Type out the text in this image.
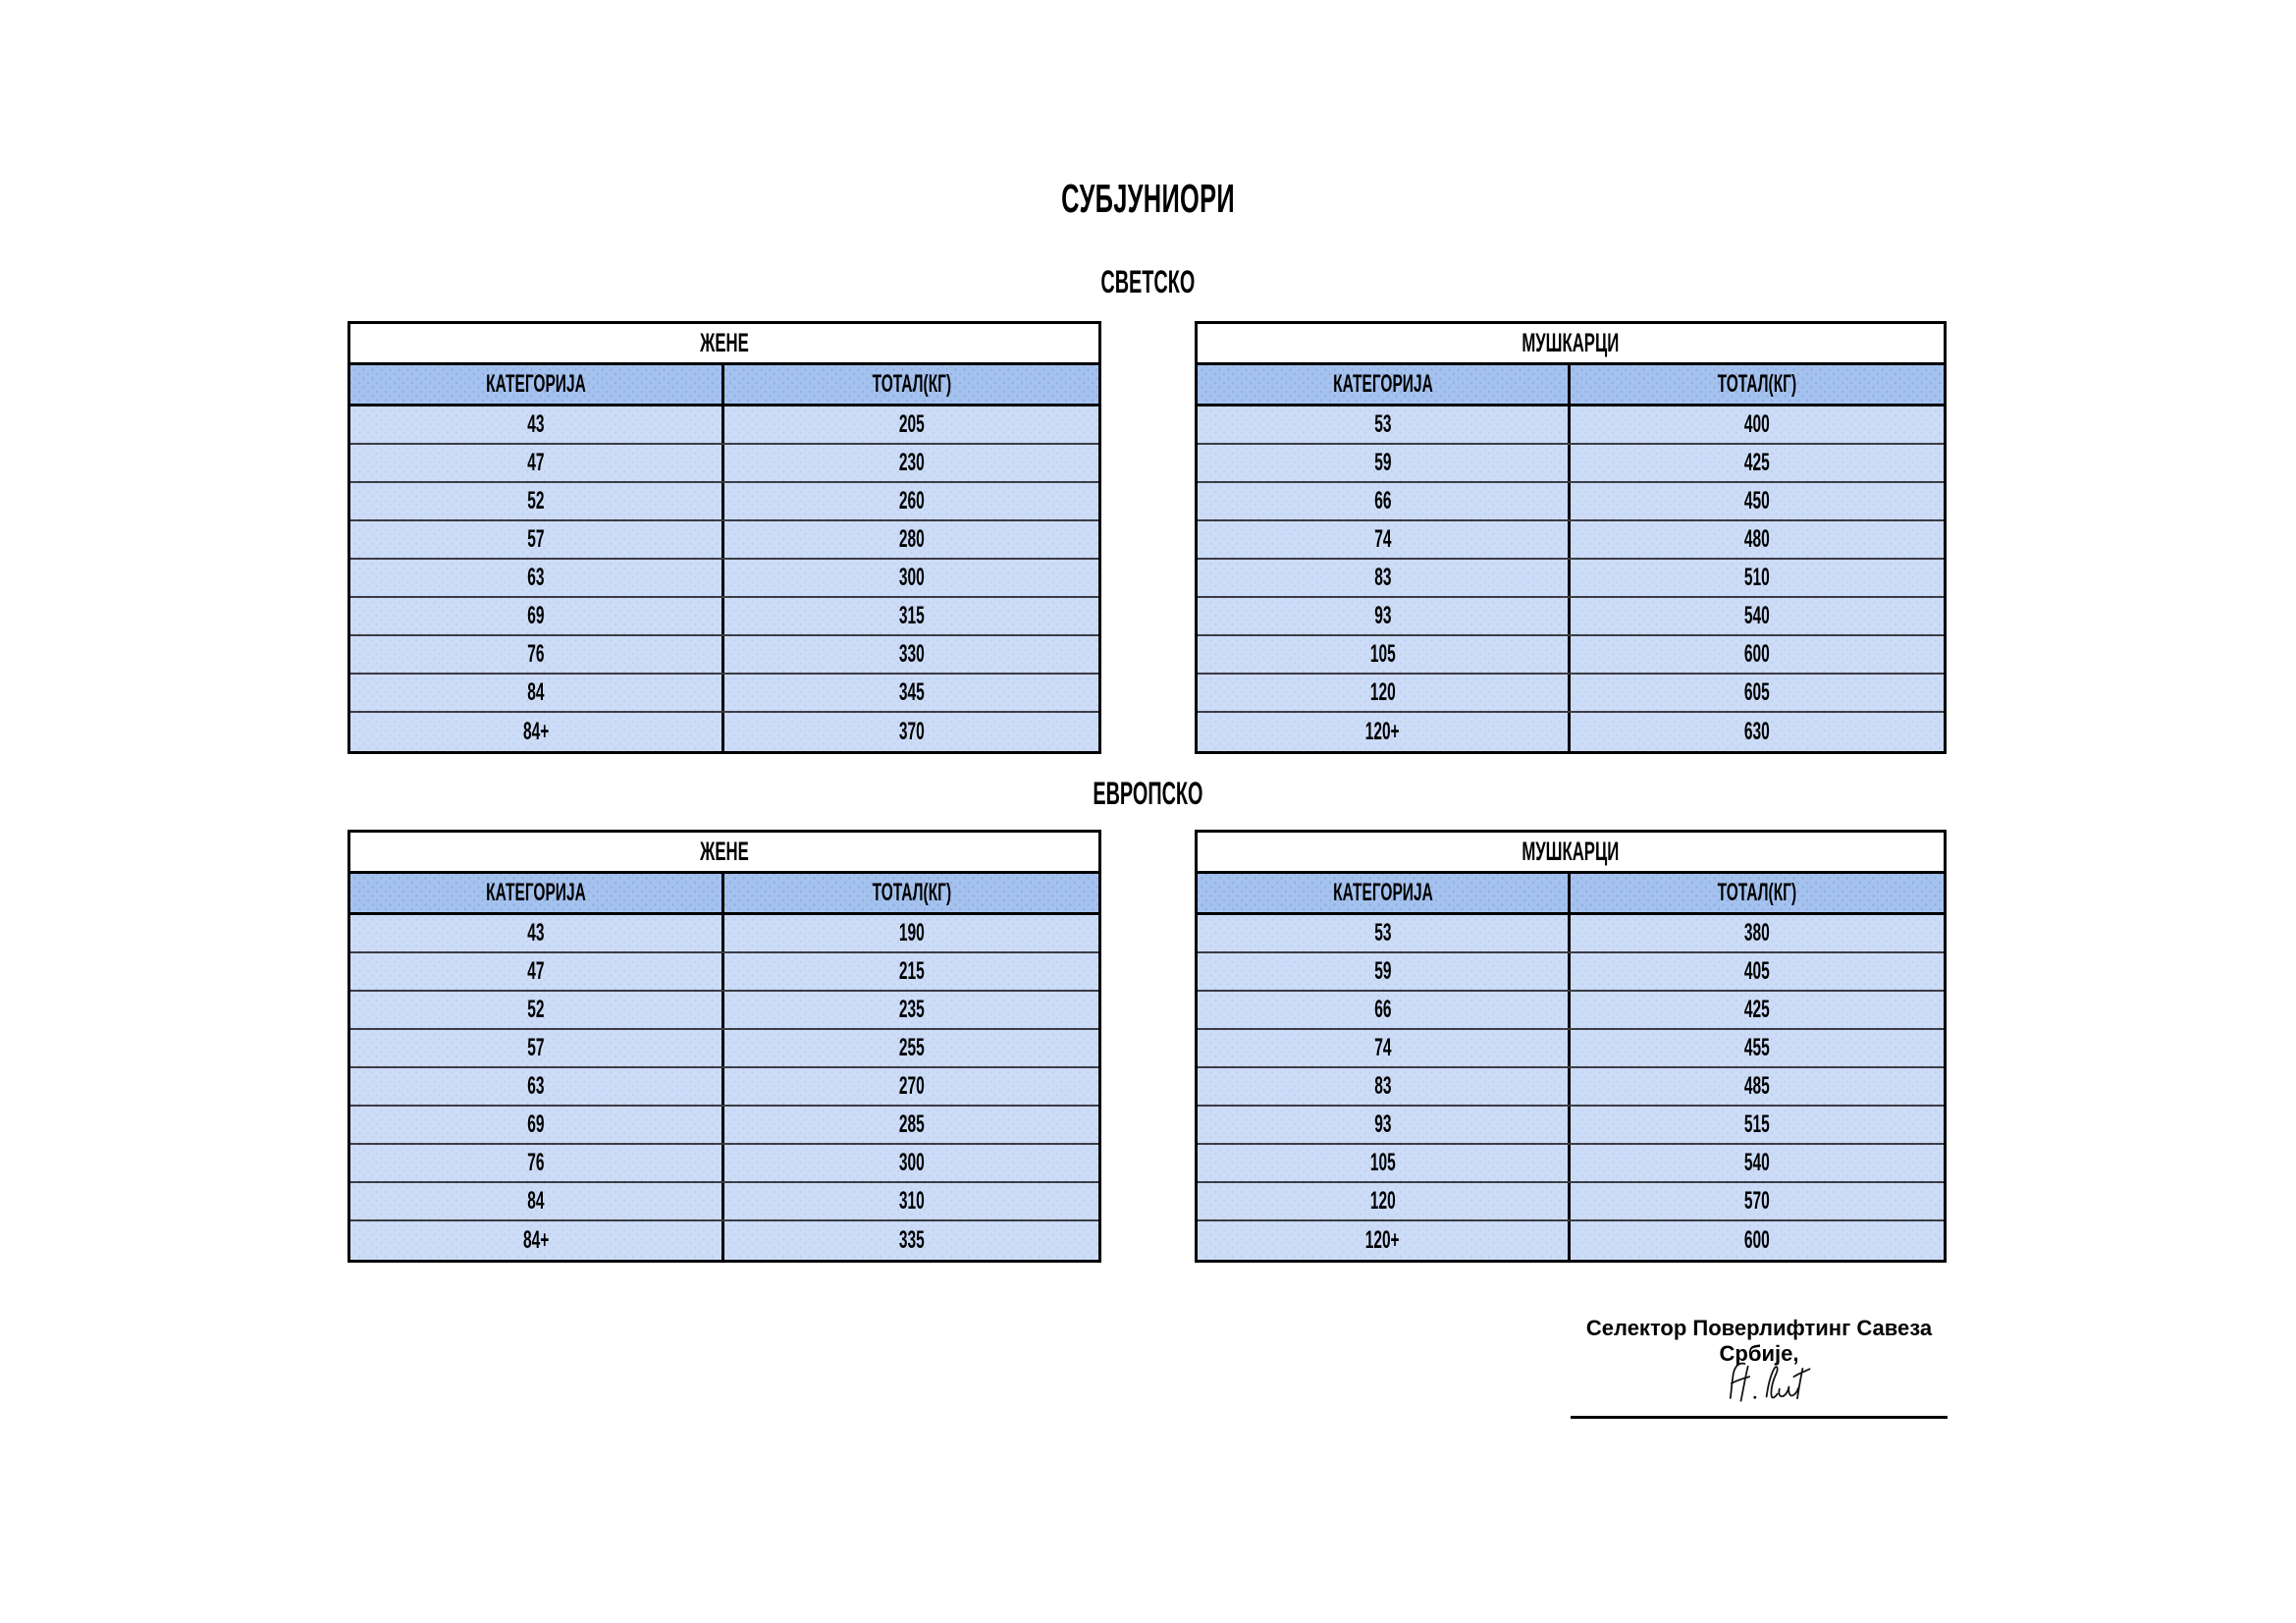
СУБЈУНИОРИ
СВЕТСКО
ЖЕНЕ
КАТЕГОРИЈА	ТОТАЛ(КГ)
43	205
47	230
52	260
57	280
63	300
69	315
76	330
84	345
84+	370
МУШКАРЦИ
КАТЕГОРИЈА	ТОТАЛ(КГ)
53	400
59	425
66	450
74	480
83	510
93	540
105	600
120	605
120+	630
ЕВРОПСКО
ЖЕНЕ
КАТЕГОРИЈА	ТОТАЛ(КГ)
43	190
47	215
52	235
57	255
63	270
69	285
76	300
84	310
84+	335
МУШКАРЦИ
КАТЕГОРИЈА	ТОТАЛ(КГ)
53	380
59	405
66	425
74	455
83	485
93	515
105	540
120	570
120+	600
Селектор Поверлифтинг Савеза Србије,
